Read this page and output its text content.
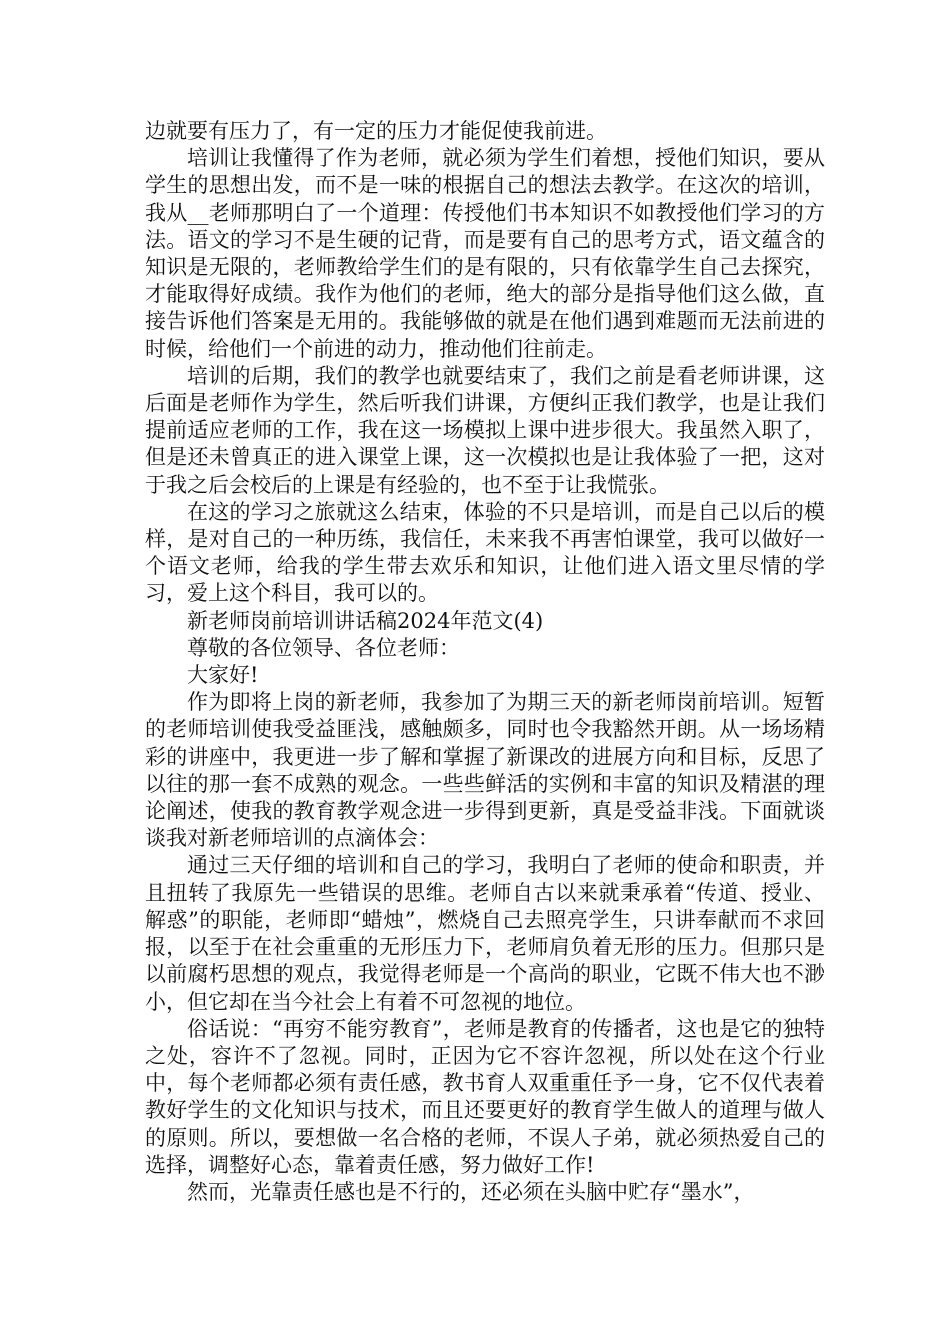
边就要有压力了，有一定的压力才能促使我前进。

培训让我懂得了作为老师，就必须为学生们着想，授他们知识，要从学生的思想出发，而不是一味的根据自己的想法去教学。在这次的培训，我从__老师那明白了一个道理：传授他们书本知识不如教授他们学习的方法。语文的学习不是生硬的记背，而是要有自己的思考方式，语文蕴含的知识是无限的，老师教给学生们的是有限的，只有依靠学生自己去探究，才能取得好成绩。我作为他们的老师，绝大的部分是指导他们这么做，直接告诉他们答案是无用的。我能够做的就是在他们遇到难题而无法前进的时候，给他们一个前进的动力，推动他们往前走。

培训的后期，我们的教学也就要结束了，我们之前是看老师讲课，这后面是老师作为学生，然后听我们讲课，方便纠正我们教学，也是让我们提前适应老师的工作，我在这一场模拟上课中进步很大。我虽然入职了，但是还未曾真正的进入课堂上课，这一次模拟也是让我体验了一把，这对于我之后会校后的上课是有经验的，也不至于让我慌张。

在这的学习之旅就这么结束，体验的不只是培训，而是自己以后的模样，是对自己的一种历练，我信任，未来我不再害怕课堂，我可以做好一个语文老师，给我的学生带去欢乐和知识，让他们进入语文里尽情的学习，爱上这个科目，我可以的。

新老师岗前培训讲话稿2024年范文(4)

尊敬的各位领导、各位老师：

大家好!

作为即将上岗的新老师，我参加了为期三天的新老师岗前培训。短暂的老师培训使我受益匪浅，感触颇多，同时也令我豁然开朗。从一场场精彩的讲座中，我更进一步了解和掌握了新课改的进展方向和目标，反思了以往的那一套不成熟的观念。一些些鲜活的实例和丰富的知识及精湛的理论阐述，使我的教育教学观念进一步得到更新，真是受益非浅。下面就谈谈我对新老师培训的点滴体会：

通过三天仔细的培训和自己的学习，我明白了老师的使命和职责，并且扭转了我原先一些错误的思维。老师自古以来就秉承着“传道、授业、解惑”的职能，老师即“蜡烛”，燃烧自己去照亮学生，只讲奉献而不求回报，以至于在社会重重的无形压力下，老师肩负着无形的压力。但那只是以前腐朽思想的观点，我觉得老师是一个高尚的职业，它既不伟大也不渺小，但它却在当今社会上有着不可忽视的地位。

俗话说：“再穷不能穷教育”，老师是教育的传播者，这也是它的独特之处，容许不了忽视。同时，正因为它不容许忽视，所以处在这个行业中，每个老师都必须有责任感，教书育人双重重任予一身，它不仅代表着教好学生的文化知识与技术，而且还要更好的教育学生做人的道理与做人的原则。所以，要想做一名合格的老师，不误人子弟，就必须热爱自己的选择，调整好心态，靠着责任感，努力做好工作!

然而，光靠责任感也是不行的，还必须在头脑中贮存“墨水”，
